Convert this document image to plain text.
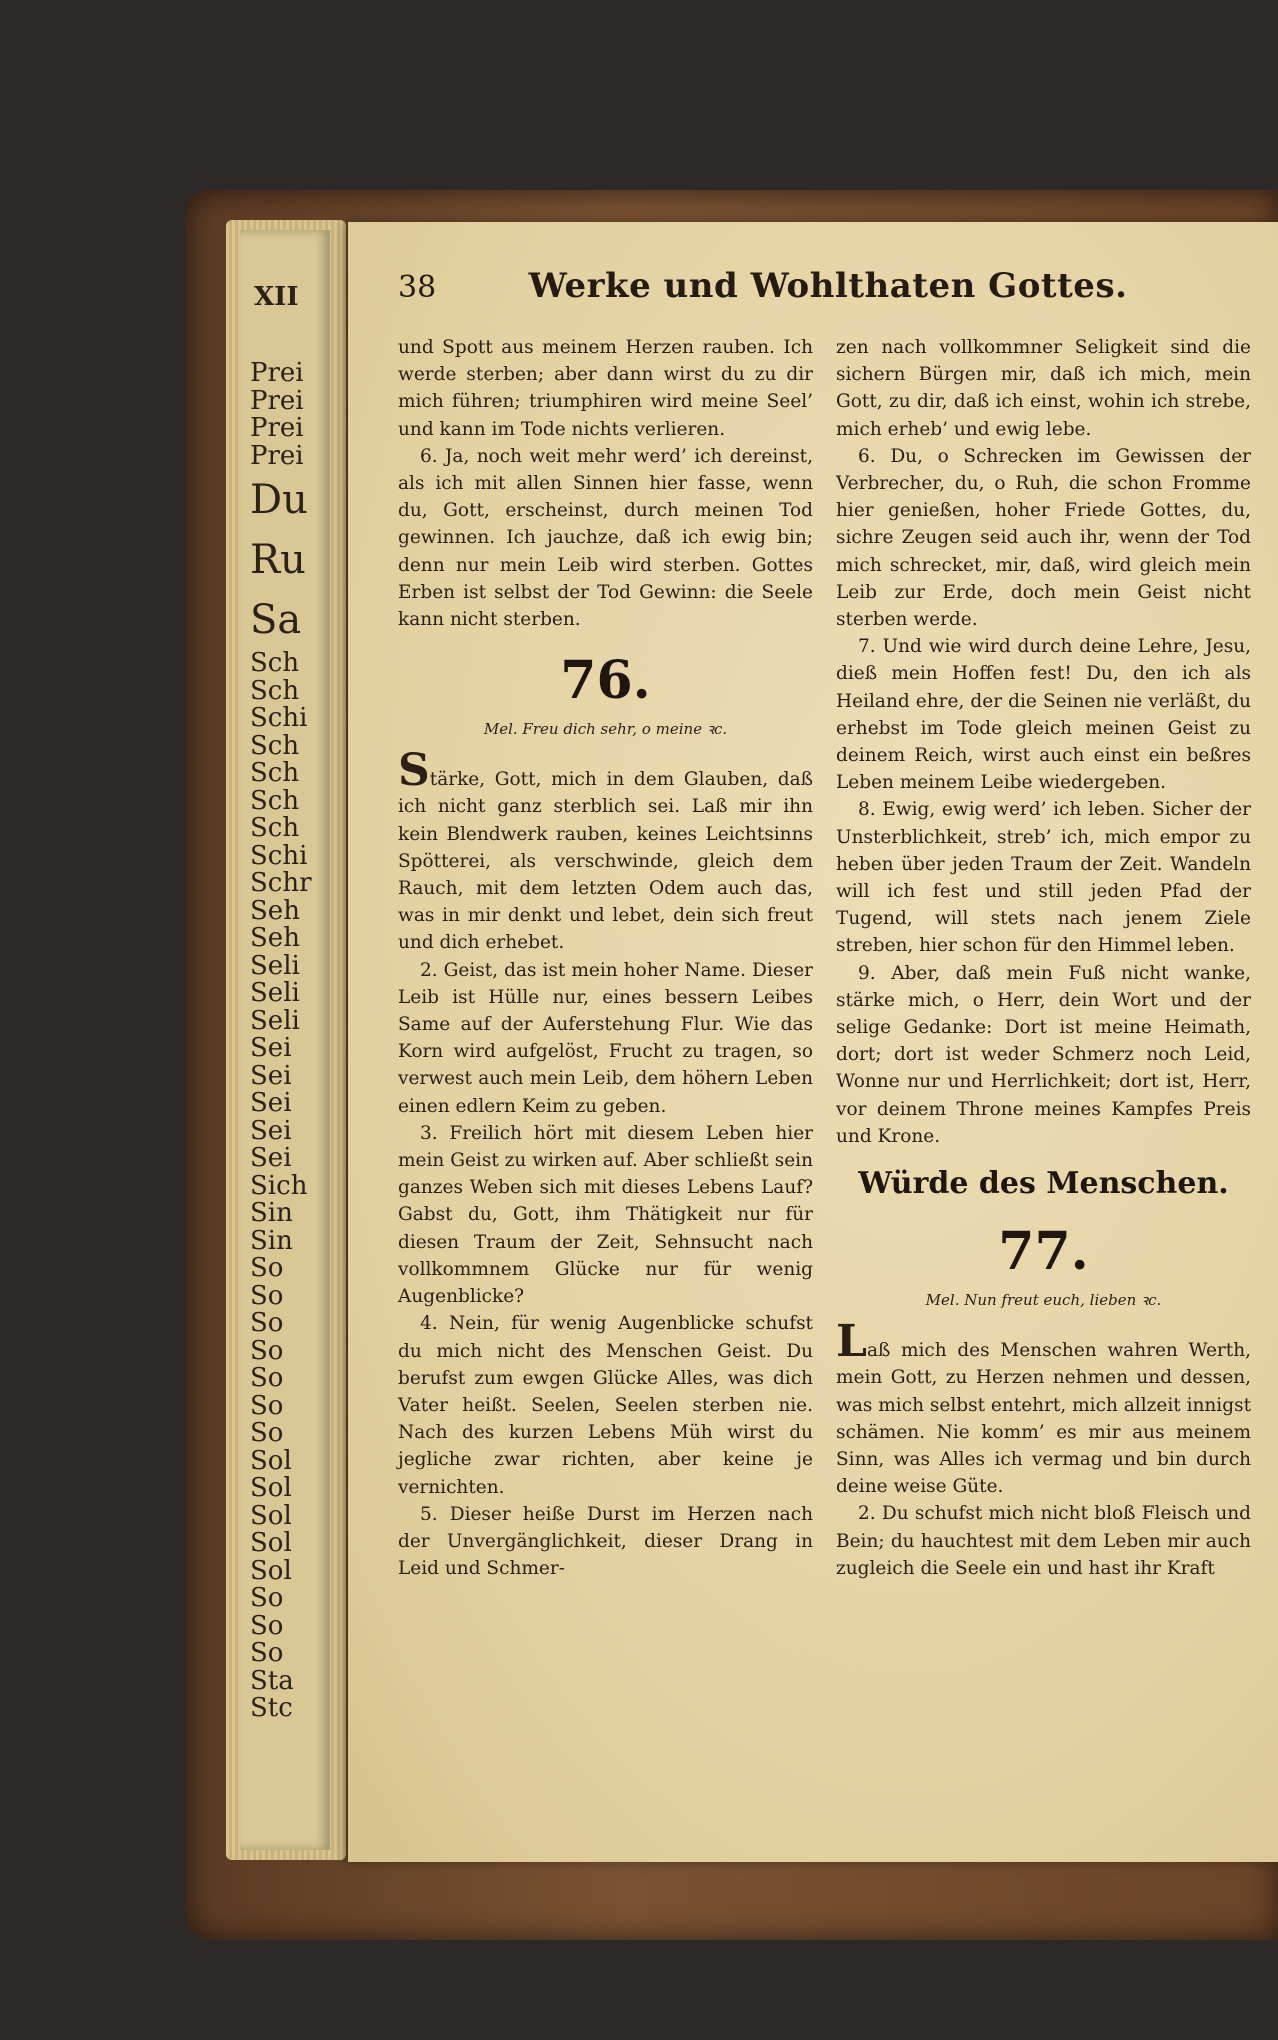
XII
Prei
Prei
Prei
Prei
Du
Ru
Sa
Sch
Sch
Schi
Sch
Sch
Sch
Sch
Schi
Schr
Seh
Seh
Seli
Seli
Seli
Sei
Sei
Sei
Sei
Sei
Sich
Sin
Sin
So
So
So
So
So
So
So
Sol
Sol
Sol
Sol
Sol
So
So
So
Sta
Stc
38	Werke und Wohlthaten Gottes.

und Spott aus meinem Herzen rauben. Ich werde sterben; aber dann wirst du zu dir mich führen; triumphiren wird meine Seel’ und kann im Tode nichts verlieren.

6. Ja, noch weit mehr werd’ ich dereinst, als ich mit allen Sinnen hier fasse, wenn du, Gott, erscheinst, durch meinen Tod gewinnen. Ich jauchze, daß ich ewig bin; denn nur mein Leib wird sterben. Gottes Erben ist selbst der Tod Gewinn: die Seele kann nicht sterben.

76.
Mel. Freu dich sehr, o meine ꝛc.

Stärke, Gott, mich in dem Glauben, daß ich nicht ganz sterblich sei. Laß mir ihn kein Blendwerk rauben, keines Leichtsinns Spötterei, als verschwinde, gleich dem Rauch, mit dem letzten Odem auch das, was in mir denkt und lebet, dein sich freut und dich erhebet.

2. Geist, das ist mein hoher Name. Dieser Leib ist Hülle nur, eines bessern Leibes Same auf der Auferstehung Flur. Wie das Korn wird aufgelöst, Frucht zu tragen, so verwest auch mein Leib, dem höhern Leben einen edlern Keim zu geben.

3. Freilich hört mit diesem Leben hier mein Geist zu wirken auf. Aber schließt sein ganzes Weben sich mit dieses Lebens Lauf? Gabst du, Gott, ihm Thätigkeit nur für diesen Traum der Zeit, Sehnsucht nach vollkommnem Glücke nur für wenig Augenblicke?

4. Nein, für wenig Augenblicke schufst du mich nicht des Menschen Geist. Du berufst zum ewgen Glücke Alles, was dich Vater heißt. Seelen, Seelen sterben nie. Nach des kurzen Lebens Müh wirst du jegliche zwar richten, aber keine je vernichten.

5. Dieser heiße Durst im Herzen nach der Unvergänglichkeit, dieser Drang in Leid und Schmer-

zen nach vollkommner Seligkeit sind die sichern Bürgen mir, daß ich mich, mein Gott, zu dir, daß ich einst, wohin ich strebe, mich erheb’ und ewig lebe.

6. Du, o Schrecken im Gewissen der Verbrecher, du, o Ruh, die schon Fromme hier genießen, hoher Friede Gottes, du, sichre Zeugen seid auch ihr, wenn der Tod mich schrecket, mir, daß, wird gleich mein Leib zur Erde, doch mein Geist nicht sterben werde.

7. Und wie wird durch deine Lehre, Jesu, dieß mein Hoffen fest! Du, den ich als Heiland ehre, der die Seinen nie verläßt, du erhebst im Tode gleich meinen Geist zu deinem Reich, wirst auch einst ein beßres Leben meinem Leibe wiedergeben.

8. Ewig, ewig werd’ ich leben. Sicher der Unsterblichkeit, streb’ ich, mich empor zu heben über jeden Traum der Zeit. Wandeln will ich fest und still jeden Pfad der Tugend, will stets nach jenem Ziele streben, hier schon für den Himmel leben.

9. Aber, daß mein Fuß nicht wanke, stärke mich, o Herr, dein Wort und der selige Gedanke: Dort ist meine Heimath, dort; dort ist weder Schmerz noch Leid, Wonne nur und Herrlichkeit; dort ist, Herr, vor deinem Throne meines Kampfes Preis und Krone.

Würde des Menschen.
77.
Mel. Nun freut euch, lieben ꝛc.

Laß mich des Menschen wahren Werth, mein Gott, zu Herzen nehmen und dessen, was mich selbst entehrt, mich allzeit innigst schämen. Nie komm’ es mir aus meinem Sinn, was Alles ich vermag und bin durch deine weise Güte.

2. Du schufst mich nicht bloß Fleisch und Bein; du hauchtest mit dem Leben mir auch zugleich die Seele ein und hast ihr Kraft
